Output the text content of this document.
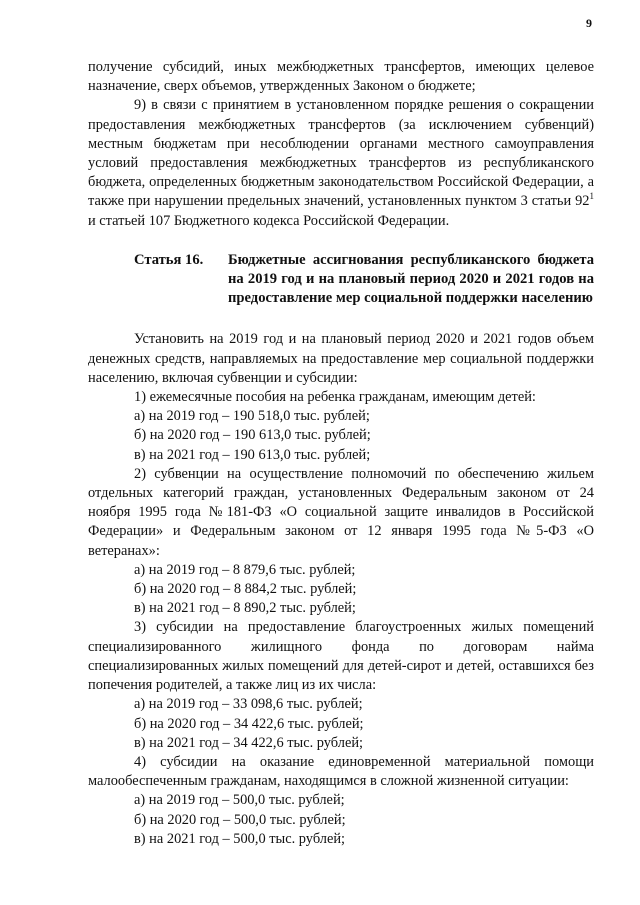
9

получение субсидий, иных межбюджетных трансфертов, имеющих целевое назначение, сверх объемов, утвержденных Законом о бюджете;

9) в связи с принятием в установленном порядке решения о сокращении предоставления межбюджетных трансфертов (за исключением субвенций) местным бюджетам при несоблюдении органами местного самоуправления условий предоставления межбюджетных трансфертов из республиканского бюджета, определенных бюджетным законодательством Российской Федерации, а также при нарушении предельных значений, установленных пунктом 3 статьи $92^1$ и статьей 107 Бюджетного кодекса Российской Федерации.

Статья 16.	Бюджетные ассигнования республиканского бюджета на 2019 год и на плановый период 2020 и 2021 годов на предоставление мер социальной поддержки населению

Установить на 2019 год и на плановый период 2020 и 2021 годов объем денежных средств, направляемых на предоставление мер социальной поддержки населению, включая субвенции и субсидии:

1) ежемесячные пособия на ребенка гражданам, имеющим детей:

а) на 2019 год – 190 518,0 тыс. рублей;

б) на 2020 год – 190 613,0 тыс. рублей;

в) на 2021 год – 190 613,0 тыс. рублей;

2) субвенции на осуществление полномочий по обеспечению жильем отдельных категорий граждан, установленных Федеральным законом от 24 ноября 1995 года №181-ФЗ «О социальной защите инвалидов в Российской Федерации» и Федеральным законом от 12 января 1995 года №5-ФЗ «О ветеранах»:

а) на 2019 год – 8 879,6 тыс. рублей;

б) на 2020 год – 8 884,2 тыс. рублей;

в) на 2021 год – 8 890,2 тыс. рублей;

3) субсидии на предоставление благоустроенных жилых помещений специализированного жилищного фонда по договорам найма специализированных жилых помещений для детей-сирот и детей, оставшихся без попечения родителей, а также лиц из их числа:

а) на 2019 год – 33 098,6 тыс. рублей;

б) на 2020 год – 34 422,6 тыс. рублей;

в) на 2021 год – 34 422,6 тыс. рублей;

4) субсидии на оказание единовременной материальной помощи малообеспеченным гражданам, находящимся в сложной жизненной ситуации:

а) на 2019 год – 500,0 тыс. рублей;

б) на 2020 год – 500,0 тыс. рублей;

в) на 2021 год – 500,0 тыс. рублей;
